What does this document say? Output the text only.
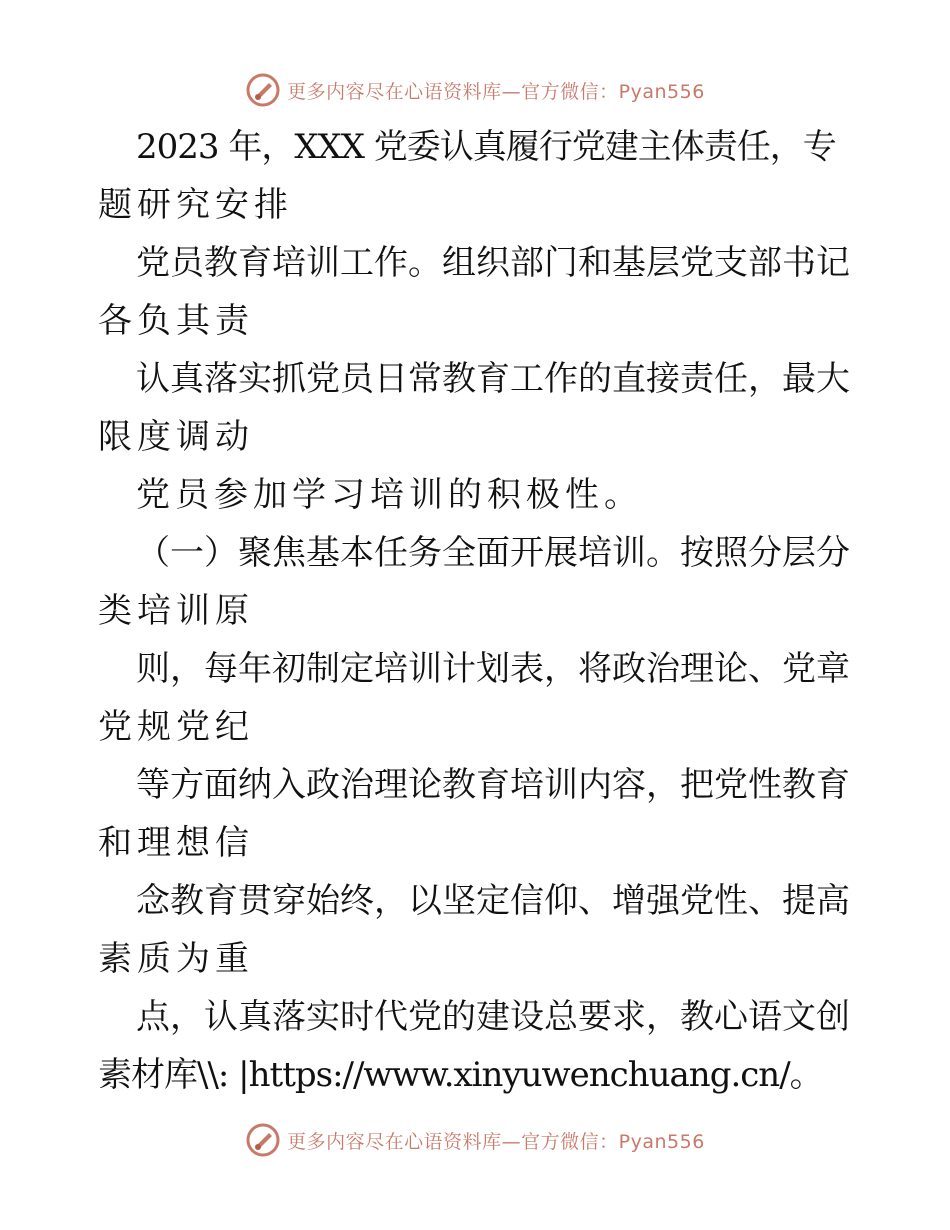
更多内容尽在心语资料库—官方微信：Pyan556
2023 年，XXX 党委认真履行党建主体责任，专
题研究安排
党员教育培训工作。组织部门和基层党支部书记
各负其责
认真落实抓党员日常教育工作的直接责任，最大
限度调动
党员参加学习培训的积极性。
（一）聚焦基本任务全面开展培训。按照分层分
类培训原
则，每年初制定培训计划表，将政治理论、党章
党规党纪
等方面纳入政治理论教育培训内容，把党性教育
和理想信
念教育贯穿始终，以坚定信仰、增强党性、提高
素质为重
点，认真落实时代党的建设总要求，教心语文创
素材库\\: |https://www.xinyuwenchuang.cn/。
更多内容尽在心语资料库—官方微信：Pyan556
